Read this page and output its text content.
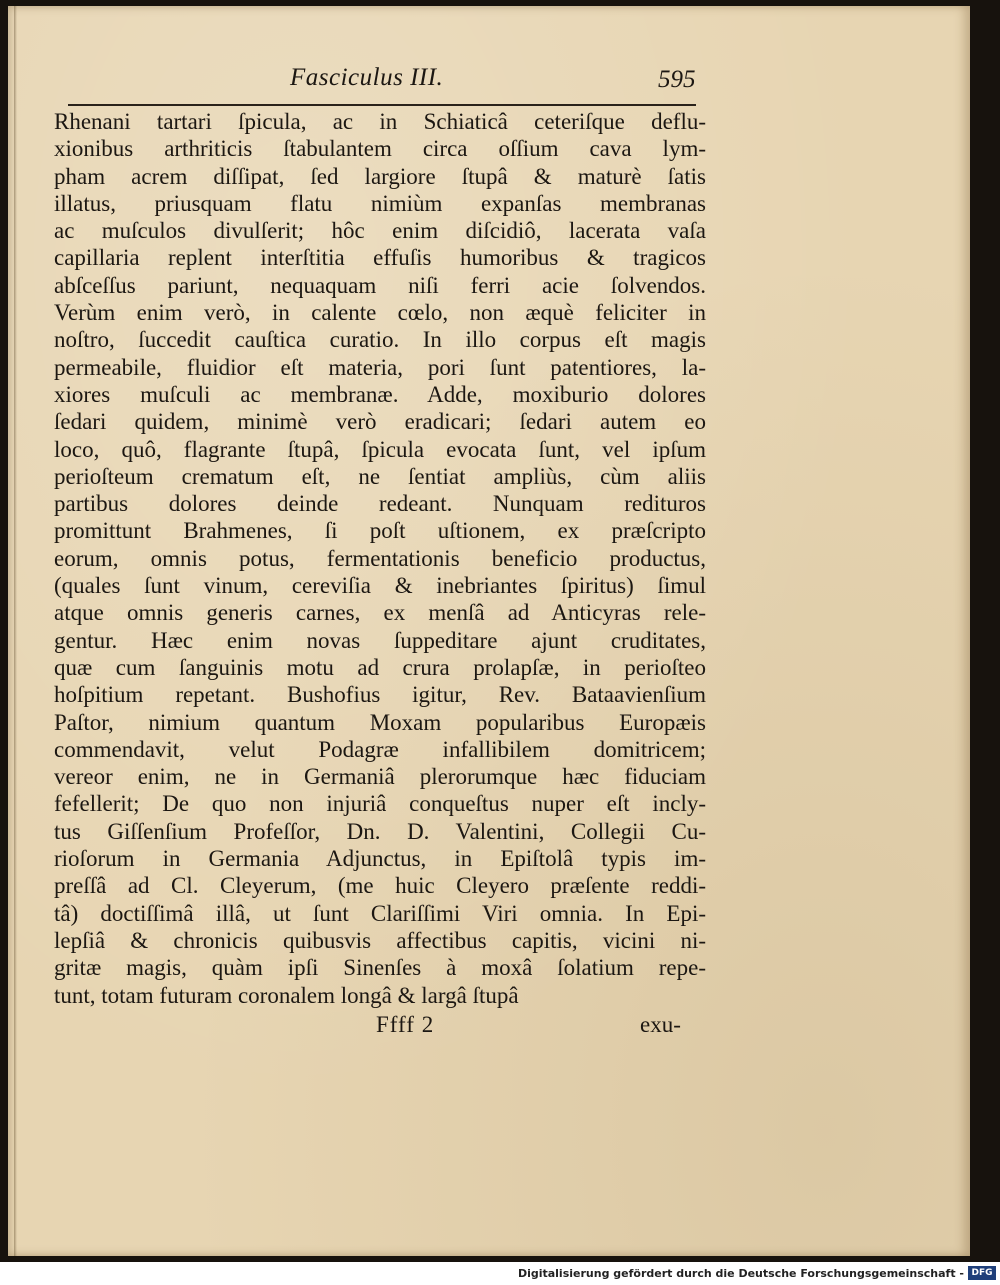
Fasciculus III.	595
Rhenani tartari ſpicula, ac in Schiaticâ ceteriſque deflu-
xionibus arthriticis ſtabulantem circa oſſium cava lym-
pham acrem diſſipat, ſed largiore ſtupâ & maturè ſatis
illatus, priusquam flatu nimiùm expanſas membranas
ac muſculos divulſerit; hôc enim diſcidiô, lacerata vaſa
capillaria replent interſtitia effuſis humoribus & tragicos
abſceſſus pariunt, nequaquam niſi ferri acie ſolvendos.
Verùm enim verò, in calente cœlo, non æquè feliciter in
noſtro, ſuccedit cauſtica curatio. In illo corpus eſt magis
permeabile, fluidior eſt materia, pori ſunt patentiores, la-
xiores muſculi ac membranæ. Adde, moxiburio dolores
ſedari quidem, minimè verò eradicari; ſedari autem eo
loco, quô, flagrante ſtupâ, ſpicula evocata ſunt, vel ipſum
perioſteum crematum eſt, ne ſentiat ampliùs, cùm aliis
partibus dolores deinde redeant. Nunquam redituros
promittunt Brahmenes, ſi poſt uſtionem, ex præſcripto
eorum, omnis potus, fermentationis beneficio productus,
(quales ſunt vinum, cereviſia & inebriantes ſpiritus) ſimul
atque omnis generis carnes, ex menſâ ad Anticyras rele-
gentur. Hæc enim novas ſuppeditare ajunt cruditates,
quæ cum ſanguinis motu ad crura prolapſæ, in perioſteo
hoſpitium repetant. Bushofius igitur, Rev. Bataavienſium
Paſtor, nimium quantum Moxam popularibus Europæis
commendavit, velut Podagræ infallibilem domitricem;
vereor enim, ne in Germaniâ plerorumque hæc fiduciam
fefellerit; De quo non injuriâ conqueſtus nuper eſt incly-
tus Giſſenſium Profeſſor, Dn. D. Valentini, Collegii Cu-
rioſorum in Germania Adjunctus, in Epiſtolâ typis im-
preſſâ ad Cl. Cleyerum, (me huic Cleyero præſente reddi-
tâ) doctiſſimâ illâ, ut ſunt Clariſſimi Viri omnia. In Epi-
lepſiâ & chronicis quibusvis affectibus capitis, vicini ni-
gritæ magis, quàm ipſi Sinenſes à moxâ ſolatium repe-
tunt, totam futuram coronalem longâ & largâ ſtupâ
Ffff 2	exu-
Digitalisierung gefördert durch die Deutsche Forschungsgemeinschaft - DFG
